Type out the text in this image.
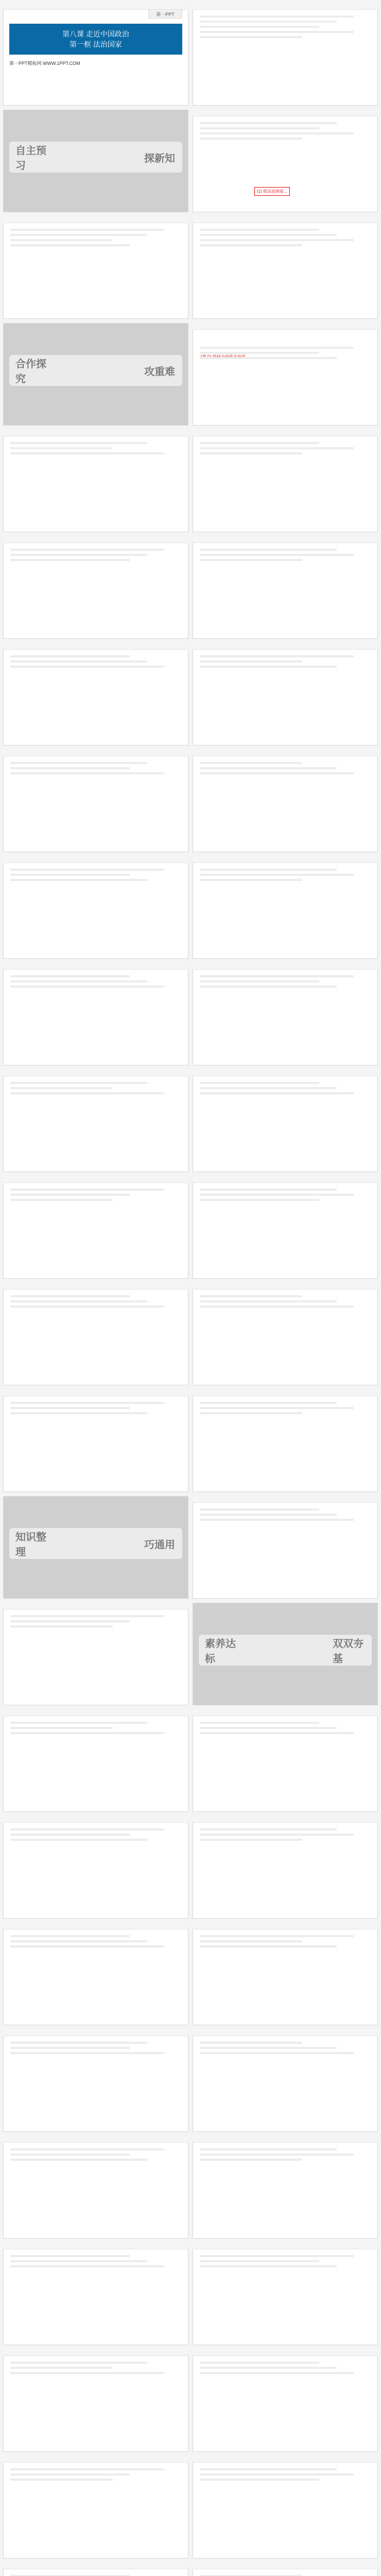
第一PPT
第八课 走近中国政治
第一框 法治国家
第一PPT模板网 WWW.1PPT.COM
自主预习
探新知
(1) 依法治国是...
合作探究
攻重难
知识整理
巧通用
素养达标
双双夯基
